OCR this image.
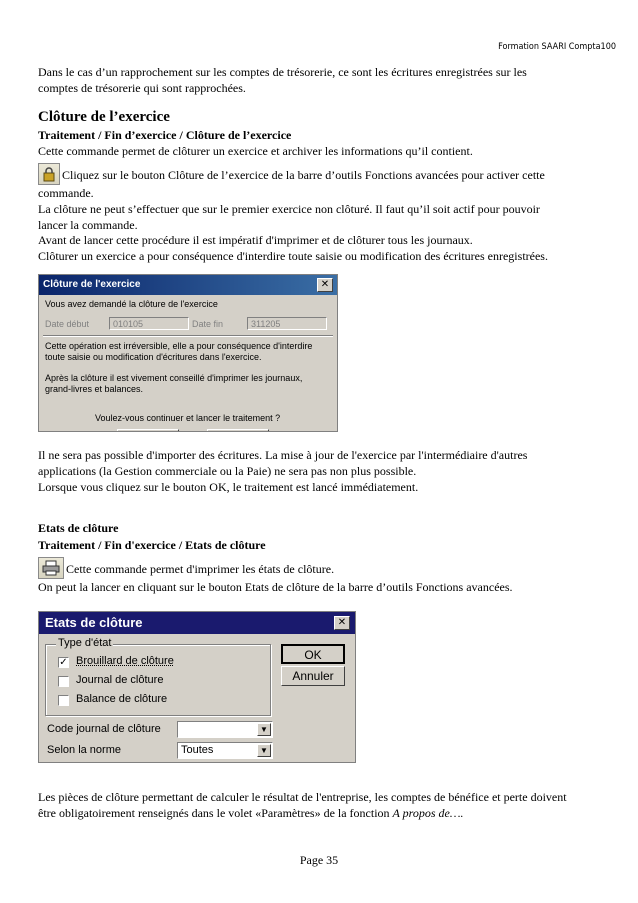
Formation SAARI Compta100

Dans le cas d’un rapprochement sur les comptes de trésorerie, ce sont les écritures enregistrées sur les

comptes de trésorerie qui sont rapprochées.

Clôture de l’exercice

Traitement / Fin d’exercice / Clôture de l’exercice

Cette commande permet de clôturer un exercice et archiver les informations qu’il contient.

Cliquez sur le bouton Clôture de l’exercice de la barre d’outils Fonctions avancées pour activer cette

commande.

La clôture ne peut s’effectuer que sur le premier exercice non clôturé. Il faut qu’il soit actif pour pouvoir

lancer la commande.

Avant de lancer cette procédure il est impératif d'imprimer et de clôturer tous les journaux.

Clôturer un exercice a pour conséquence d'interdire toute saisie ou modification des écritures enregistrées.

Clôture de l'exercice	✕
Vous avez demandé la clôture de l'exercice
Date début	010105	Date fin	311205
Cette opération est irréversible, elle a pour conséquence d'interdire
toute saisie ou modification d'écritures dans l'exercice.
Après la clôture il est vivement conseillé d'imprimer les journaux,
grand-livres et balances.
Voulez-vous continuer et lancer le traitement ?

Il ne sera pas possible d'importer des écritures. La mise à jour de l'exercice par l'intermédiaire d'autres

applications (la Gestion commerciale ou la Paie) ne sera pas non plus possible.

Lorsque vous cliquez sur le bouton OK, le traitement est lancé immédiatement.

Etats de clôture

Traitement / Fin d'exercice / Etats de clôture

Cette commande permet d'imprimer les états de clôture.

On peut la lancer en cliquant sur le bouton Etats de clôture de la barre d’outils Fonctions avancées.

Etats de clôture	✕
Type d'état
✓ Brouillard de clôture
Journal de clôture
Balance de clôture
OK
Annuler
Code journal de clôture	▼
Selon la norme	Toutes	▼

Les pièces de clôture permettant de calculer le résultat de l'entreprise, les comptes de bénéfice et perte doivent

être obligatoirement renseignés dans le volet «Paramètres» de la fonction A propos de….

Page 35
